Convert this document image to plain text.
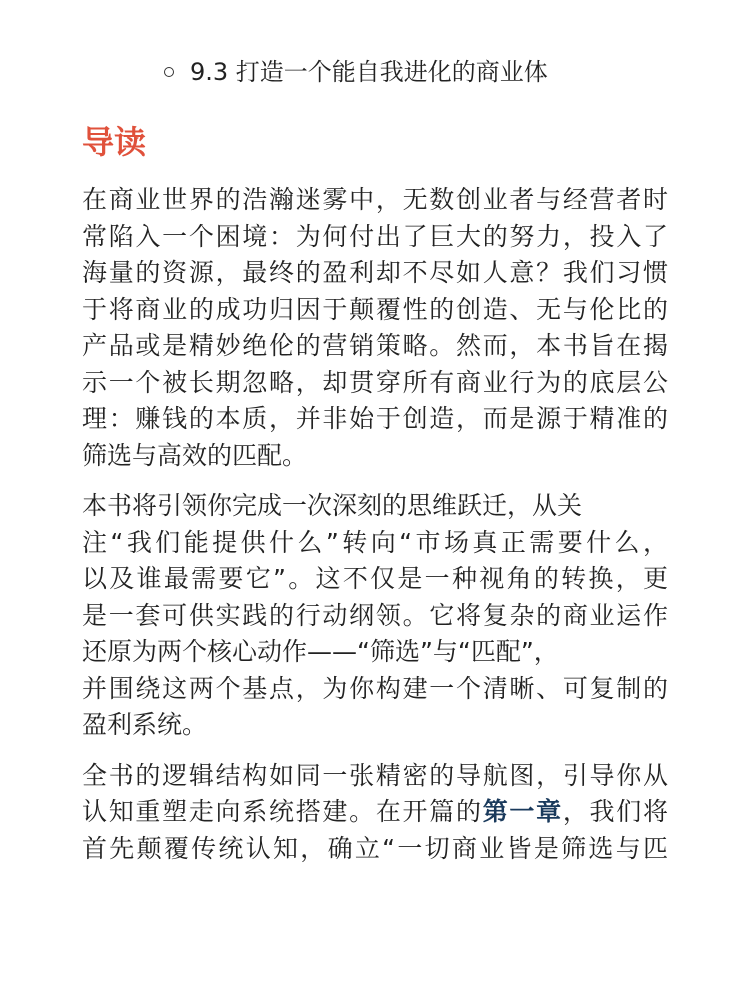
9.3 打造一个能自我进化的商业体
导读

在商业世界的浩瀚迷雾中，无数创业者与经营者时
常陷入一个困境：为何付出了巨大的努力，投入了
海量的资源，最终的盈利却不尽如人意？我们习惯
于将商业的成功归因于颠覆性的创造、无与伦比的
产品或是精妙绝伦的营销策略。然而，本书旨在揭
示一个被长期忽略，却贯穿所有商业行为的底层公
理：赚钱的本质，并非始于创造，而是源于精准的
筛选与高效的匹配。

本书将引领你完成一次深刻的思维跃迁，从关
注“我们能提供什么”转向“市场真正需要什么，
以及谁最需要它”。这不仅是一种视角的转换，更
是一套可供实践的行动纲领。它将复杂的商业运作
还原为两个核心动作——“筛选”与“匹配”，
并围绕这两个基点，为你构建一个清晰、可复制的
盈利系统。

全书的逻辑结构如同一张精密的导航图，引导你从
认知重塑走向系统搭建。在开篇的第一章，我们将
首先颠覆传统认知，确立“一切商业皆是筛选与匹
